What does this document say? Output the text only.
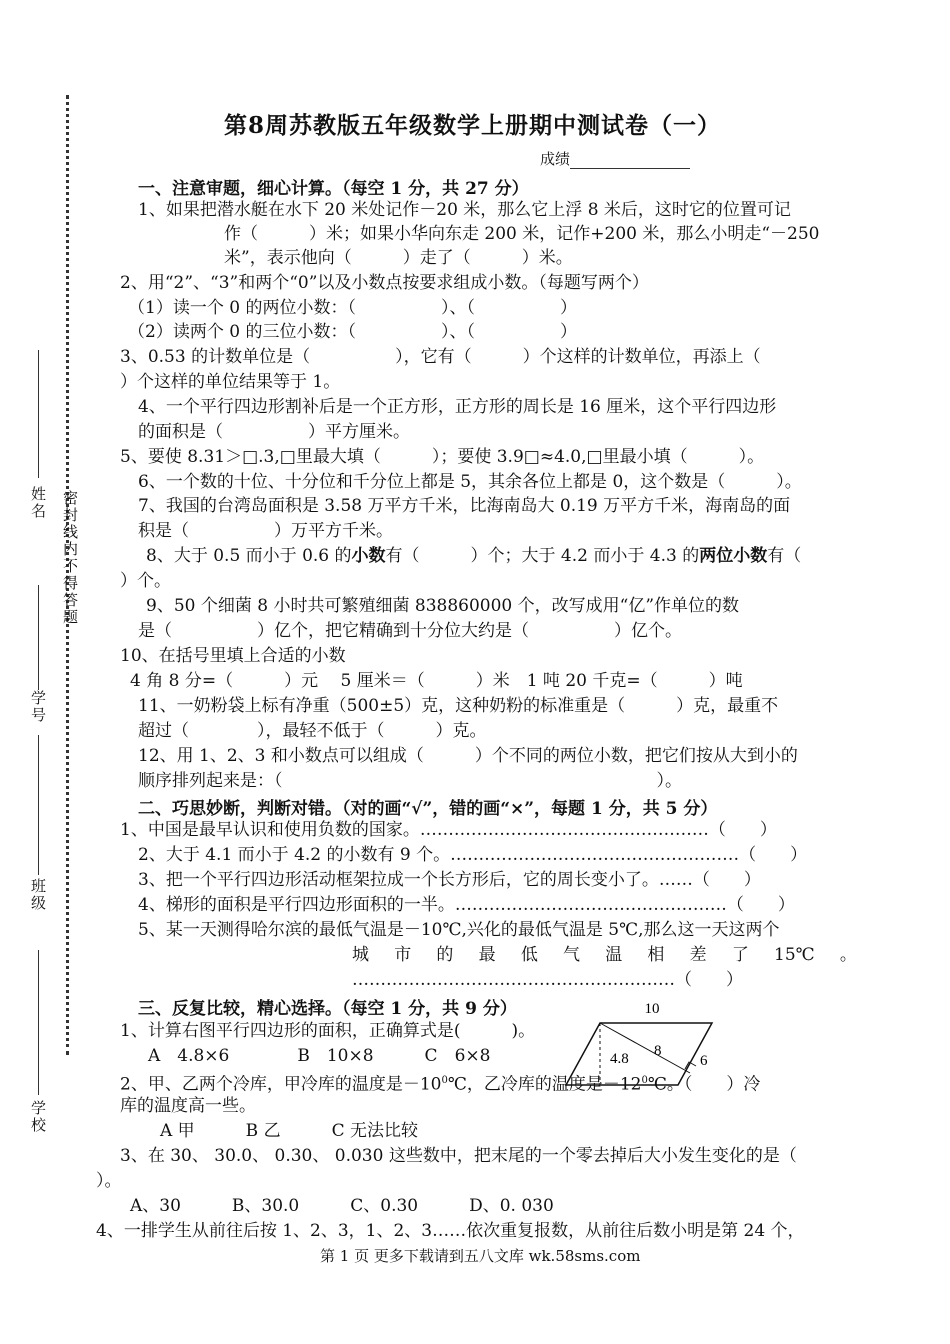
密封线内不得答题
姓名
学号
班级
学校
第8周苏教版五年级数学上册期中测试卷（一）
成绩
一、注意审题，细心计算。（每空 1 分，共 27 分）
1、如果把潜水艇在水下 20 米处记作－20 米，那么它上浮 8 米后，这时它的位置可记
作（　　　）米；如果小华向东走 200 米，记作+200 米，那么小明走“－250
米”，表示他向（　　　）走了（　　　）米。
2、用“2”、“3”和两个“0”以及小数点按要求组成小数。（每题写两个）
（1）读一个 0 的两位小数：（　　　　　）、（　　　　　）
（2）读两个 0 的三位小数：（　　　　　）、（　　　　　）
3、0.53 的计数单位是（　　　　　），它有（　　　）个这样的计数单位，再添上（
）个这样的单位结果等于 1。
4、一个平行四边形割补后是一个正方形，正方形的周长是 16 厘米，这个平行四边形
的面积是（　　　　　）平方厘米。
5、要使 8.31＞□.3,□里最大填（　　　）；要使 3.9□≈4.0,□里最小填（　　　）。
6、一个数的十位、十分位和千分位上都是 5，其余各位上都是 0，这个数是（　　　）。
7、我国的台湾岛面积是 3.58 万平方千米，比海南岛大 0.19 万平方千米，海南岛的面
积是（　　　　　）万平方千米。
8、大于 0.5 而小于 0.6 的小数有（　　　）个；大于 4.2 而小于 4.3 的两位小数有（
）个。
9、50 个细菌 8 小时共可繁殖细菌 838860000 个，改写成用“亿”作单位的数
是（　　　　　）亿个，把它精确到十分位大约是（　　　　　）亿个。
10、在括号里填上合适的小数
4 角 8 分=（　　　）元　 5 厘米＝（　　　）米　1 吨 20 千克=（　　　）吨
11、一奶粉袋上标有净重（500±5）克，这种奶粉的标准重是（　　　）克，最重不
超过（　　　　），最轻不低于（　　　）克。
12、用 1、2、3 和小数点可以组成（　　　）个不同的两位小数，把它们按从大到小的
顺序排列起来是：（　　　　　　　　　　　　　　　　　　　　　　）。
二、巧思妙断，判断对错。（对的画“√”，错的画“×”，每题 1 分，共 5 分）
1、中国是最早认识和使用负数的国家。……………………………………………（　　）
2、大于 4.1 而小于 4.2 的小数有 9 个。……………………………………………（　　）
3、把一个平行四边形活动框架拉成一个长方形后，它的周长变小了。……（　　）
4、梯形的面积是平行四边形面积的一半。…………………………………………（　　）
5、某一天测得哈尔滨的最低气温是－10℃,兴化的最低气温是 5℃,那么这一天这两个
城 市 的 最 低 气 温 相 差 了 15℃ 。
…………………………………………………（　　）
三、反复比较，精心选择。（每空 1 分，共 9 分）
1、计算右图平行四边形的面积，正确算式是(　　　)。
A　4.8×6　　　　B　10×8　　　C　6×8
2、甲、乙两个冷库，甲冷库的温度是$-10^0℃$，乙冷库的温度是$-12^0℃$。（　　）冷
库的温度高一些。
A 甲　　　B 乙　　　C 无法比较
3、在 30、 30.0、 0.30、 0.030 这些数中，把末尾的一个零去掉后大小发生变化的是（
）。
A、30　　　B、30.0　　　C、0.30　　　D、0. 030
4、一排学生从前往后按 1、2、3，1、2、3……依次重复报数，从前往后数小明是第 24 个，
10
4.8 8
6
第 1 页 更多下载请到五八文库 wk.58sms.com
